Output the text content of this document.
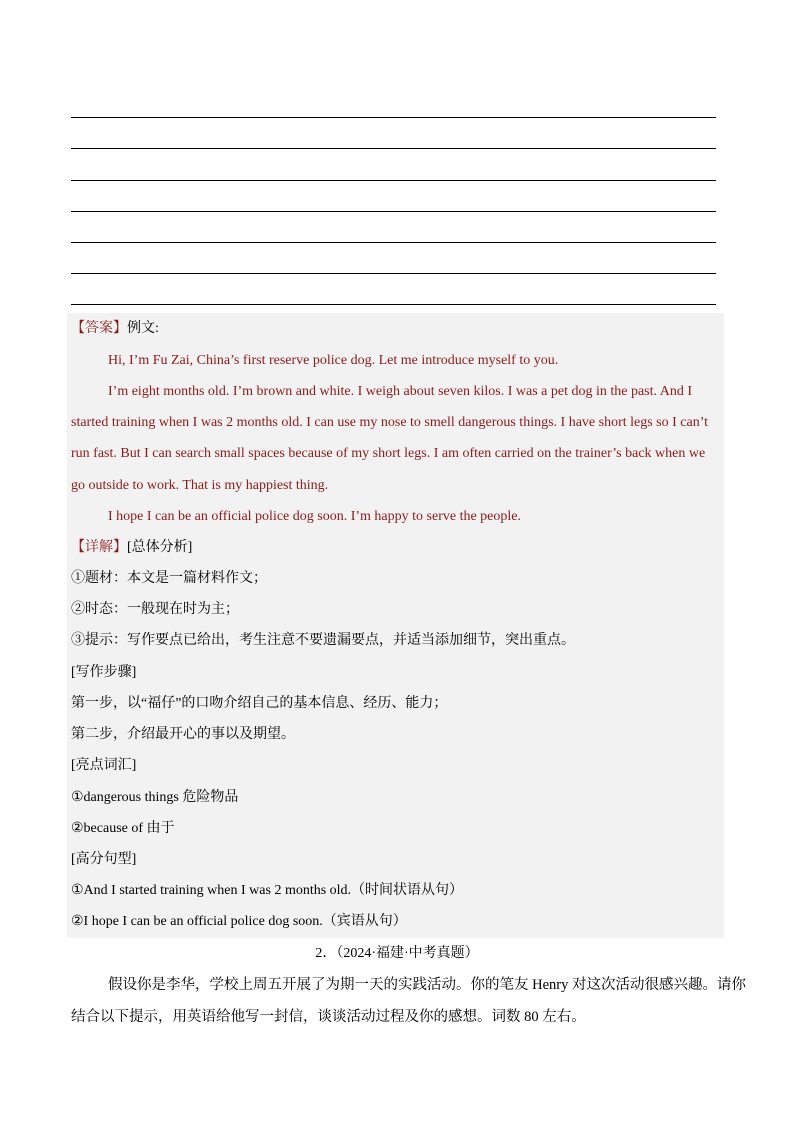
【答案】例文:
Hi, I’m Fu Zai, China’s first reserve police dog. Let me introduce myself to you.
I’m eight months old. I’m brown and white. I weigh about seven kilos. I was a pet dog in the past. And I
started training when I was 2 months old. I can use my nose to smell dangerous things. I have short legs so I can’t
run fast. But I can search small spaces because of my short legs. I am often carried on the trainer’s back when we
go outside to work. That is my happiest thing.
I hope I can be an official police dog soon. I’m happy to serve the people.
【详解】[总体分析]
①题材：本文是一篇材料作文；
②时态：一般现在时为主；
③提示：写作要点已给出，考生注意不要遗漏要点，并适当添加细节，突出重点。
[写作步骤]
第一步，以“福仔”的口吻介绍自己的基本信息、经历、能力；
第二步，介绍最开心的事以及期望。
[亮点词汇]
①dangerous things 危险物品
②because of 由于
[高分句型]
①And I started training when I was 2 months old.（时间状语从句）
②I hope I can be an official police dog soon.（宾语从句）
2．（2024·福建·中考真题）
假设你是李华，学校上周五开展了为期一天的实践活动。你的笔友 Henry 对这次活动很感兴趣。请你
结合以下提示，用英语给他写一封信，谈谈活动过程及你的感想。词数 80 左右。
